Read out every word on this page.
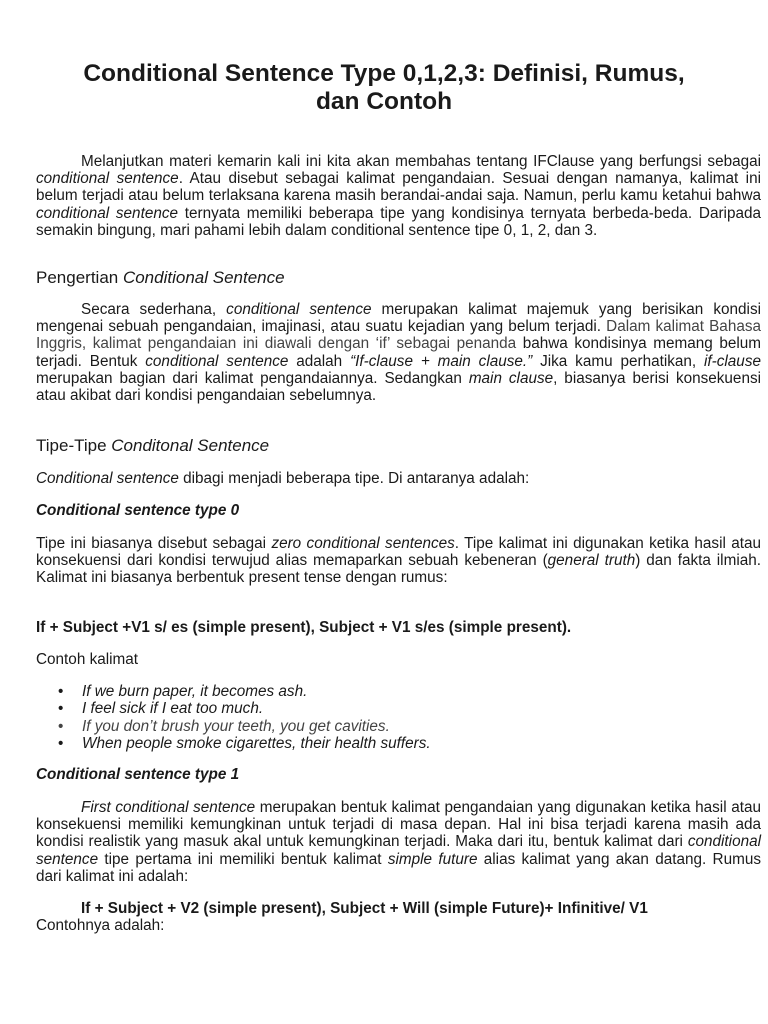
Conditional Sentence Type 0,1,2,3: Definisi, Rumus,
dan Contoh

Melanjutkan materi kemarin kali ini kita akan membahas tentang IFClause yang berfungsi sebagai conditional sentence. Atau disebut sebagai kalimat pengandaian. Sesuai dengan namanya, kalimat ini belum terjadi atau belum terlaksana karena masih berandai-andai saja. Namun, perlu kamu ketahui bahwa conditional sentence ternyata memiliki beberapa tipe yang kondisinya ternyata berbeda-beda. Daripada semakin bingung, mari pahami lebih dalam conditional sentence tipe 0, 1, 2, dan 3.

Pengertian Conditional Sentence

Secara sederhana, conditional sentence merupakan kalimat majemuk yang berisikan kondisi mengenai sebuah pengandaian, imajinasi, atau suatu kejadian yang belum terjadi. Dalam kalimat Bahasa Inggris, kalimat pengandaian ini diawali dengan ‘if’ sebagai penanda bahwa kondisinya memang belum terjadi. Bentuk conditional sentence adalah “If-clause + main clause.” Jika kamu perhatikan, if-clause merupakan bagian dari kalimat pengandaiannya. Sedangkan main clause, biasanya berisi konsekuensi atau akibat dari kondisi pengandaian sebelumnya.

Tipe-Tipe Conditonal Sentence

Conditional sentence dibagi menjadi beberapa tipe. Di antaranya adalah:

Conditional sentence type 0

Tipe ini biasanya disebut sebagai zero conditional sentences. Tipe kalimat ini digunakan ketika hasil atau konsekuensi dari kondisi terwujud alias memaparkan sebuah kebeneran (general truth) dan fakta ilmiah. Kalimat ini biasanya berbentuk present tense dengan rumus:

If + Subject +V1 s/ es (simple present), Subject + V1 s/es (simple present).

Contoh kalimat

• If we burn paper, it becomes ash.
• I feel sick if I eat too much.
• If you don’t brush your teeth, you get cavities.
• When people smoke cigarettes, their health suffers.

Conditional sentence type 1

First conditional sentence merupakan bentuk kalimat pengandaian yang digunakan ketika hasil atau konsekuensi memiliki kemungkinan untuk terjadi di masa depan. Hal ini bisa terjadi karena masih ada kondisi realistik yang masuk akal untuk kemungkinan terjadi. Maka dari itu, bentuk kalimat dari conditional sentence tipe pertama ini memiliki bentuk kalimat simple future alias kalimat yang akan datang. Rumus dari kalimat ini adalah:

If + Subject + V2 (simple present), Subject + Will (simple Future)+ Infinitive/ V1

Contohnya adalah:
